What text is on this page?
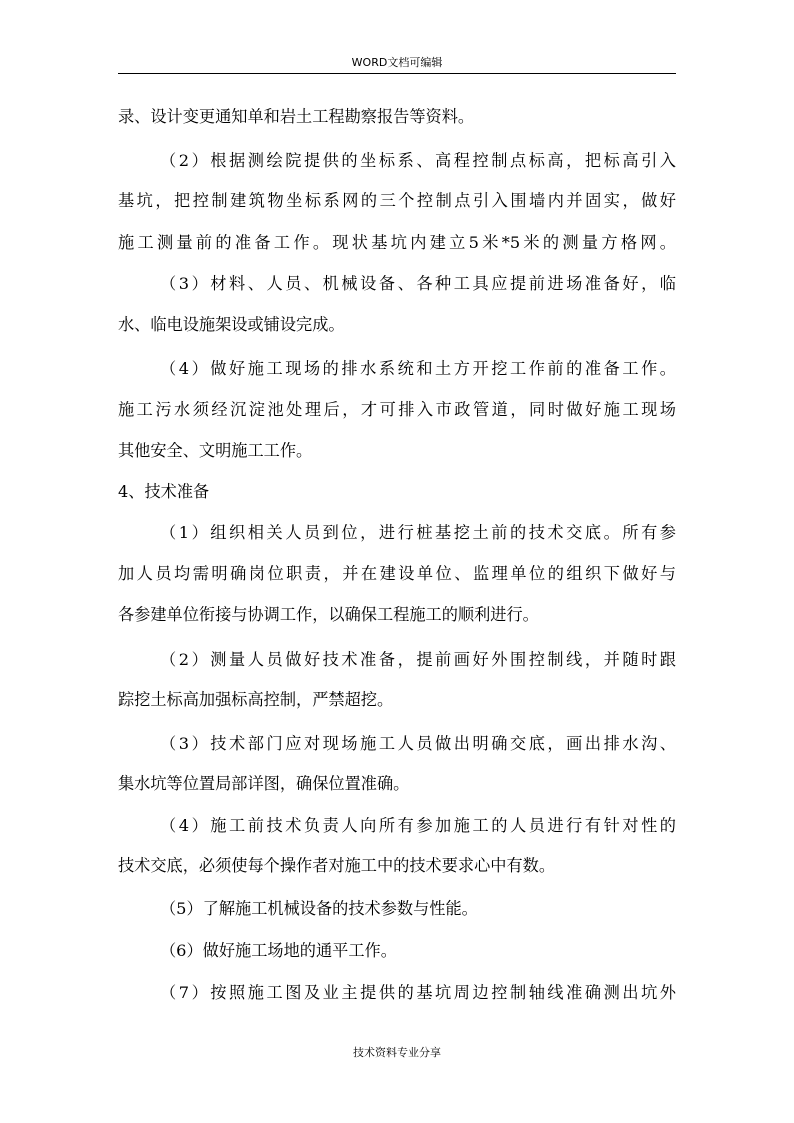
WORD文档可编辑
录、设计变更通知单和岩土工程勘察报告等资料。
（2）根据测绘院提供的坐标系、高程控制点标高，把标高引入
基坑，把控制建筑物坐标系网的三个控制点引入围墙内并固实，做好
施工测量前的准备工作。现状基坑内建立5米*5米的测量方格网。
（3）材料、人员、机械设备、各种工具应提前进场准备好，临
水、临电设施架设或铺设完成。
（4）做好施工现场的排水系统和土方开挖工作前的准备工作。
施工污水须经沉淀池处理后，才可排入市政管道，同时做好施工现场
其他安全、文明施工工作。
4、技术准备
（1）组织相关人员到位，进行桩基挖土前的技术交底。所有参
加人员均需明确岗位职责，并在建设单位、监理单位的组织下做好与
各参建单位衔接与协调工作，以确保工程施工的顺利进行。
（2）测量人员做好技术准备，提前画好外围控制线，并随时跟
踪挖土标高加强标高控制，严禁超挖。
（3）技术部门应对现场施工人员做出明确交底，画出排水沟、
集水坑等位置局部详图，确保位置准确。
（4）施工前技术负责人向所有参加施工的人员进行有针对性的
技术交底，必须使每个操作者对施工中的技术要求心中有数。
（5）了解施工机械设备的技术参数与性能。
（6）做好施工场地的通平工作。
（7）按照施工图及业主提供的基坑周边控制轴线准确测出坑外
技术资料专业分享
